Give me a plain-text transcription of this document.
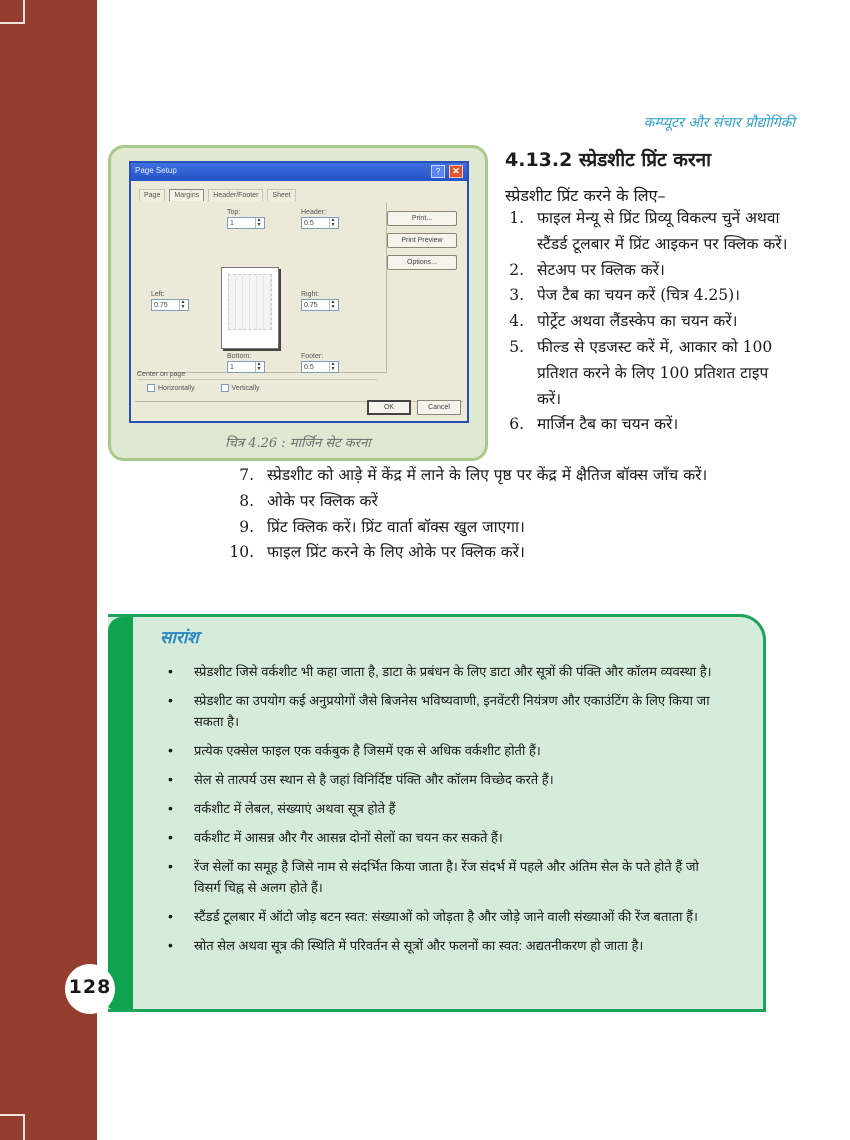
कम्प्यूटर और संचार प्रौद्योगिकी
Page Setup	?	✕
Page	Margins	Header/Footer	Sheet
Top:
1	▲
▼
Header:
0.5	▲
▼
Left:
0.75	▲
▼
Right:
0.75	▲
▼
Bottom:
1	▲
▼
Footer:
0.5	▲
▼
Print...
Print Preview
Options...
Center on page
Horizontally
	Vertically
OK	Cancel
चित्र 4.26 : मार्जिन सेट करना
4.13.2 स्प्रेडशीट प्रिंट करना
स्प्रेडशीट प्रिंट करने के लिए–
1. फाइल मेन्यू से प्रिंट प्रिव्यू विकल्प चुनें अथवा स्टैंडर्ड टूलबार में प्रिंट आइकन पर क्लिक करें।
2. सेटअप पर क्लिक करें।
3. पेज टैब का चयन करें (चित्र 4.25)।
4. पोर्ट्रेट अथवा लैंडस्केप का चयन करें।
5. फील्ड से एडजस्ट करें में, आकार को 100 प्रतिशत करने के लिए 100 प्रतिशत टाइप करें।
6. मार्जिन टैब का चयन करें।
7. स्प्रेडशीट को आड़े में केंद्र में लाने के लिए पृष्ठ पर केंद्र में क्षैतिज बॉक्स जाँच करें।
8. ओके पर क्लिक करें
9. प्रिंट क्लिक करें। प्रिंट वार्ता बॉक्स खुल जाएगा।
10. फाइल प्रिंट करने के लिए ओके पर क्लिक करें।
सारांश
•	स्प्रेडशीट जिसे वर्कशीट भी कहा जाता है, डाटा के प्रबंधन के लिए डाटा और सूत्रों की पंक्ति और कॉलम व्यवस्था है।
•	स्प्रेडशीट का उपयोग कई अनुप्रयोगों जैसे बिजनेस भविष्यवाणी, इनवेंटरी नियंत्रण और एकाउंटिंग के लिए किया जा सकता है।
•	प्रत्येक एक्सेल फाइल एक वर्कबुक है जिसमें एक से अधिक वर्कशीट होती हैं।
•	सेल से तात्पर्य उस स्थान से है जहां विनिर्दिष्ट पंक्ति और कॉलम विच्छेद करते हैं।
•	वर्कशीट में लेबल, संख्याएं अथवा सूत्र होते हैं
•	वर्कशीट में आसन्न और गैर आसन्न दोनों सेलों का चयन कर सकते हैं।
•	रेंज सेलों का समूह है जिसे नाम से संदर्भित किया जाता है। रेंज संदर्भ में पहले और अंतिम सेल के पते होते हैं जो विसर्ग चिह्न से अलग होते हैं।
•	स्टैंडर्ड टूलबार में ऑटो जोड़ बटन स्वत: संख्याओं को जोड़ता है और जोड़े जाने वाली संख्याओं की रेंज बताता हैं।
•	स्रोत सेल अथवा सूत्र की स्थिति में परिवर्तन से सूत्रों और फलनों का स्वत: अद्यतनीकरण हो जाता है।
128
